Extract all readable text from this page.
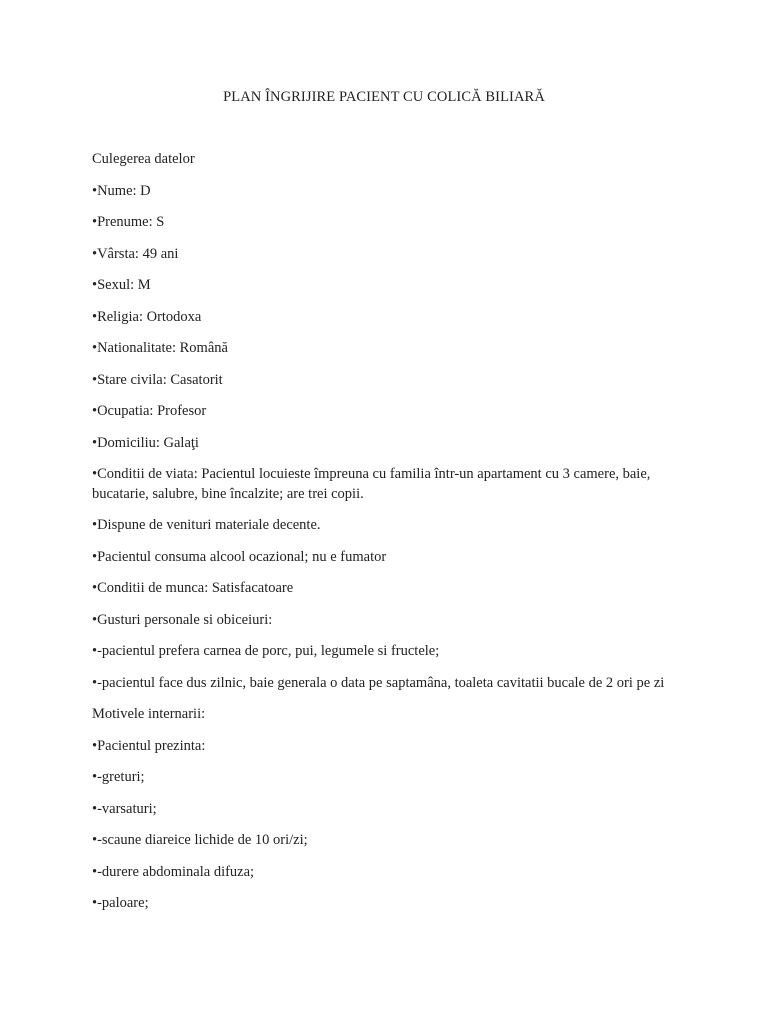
PLAN ÎNGRIJIRE PACIENT CU COLICĂ BILIARĂ

Culegerea datelor

•Nume: D

•Prenume: S

•Vârsta: 49 ani

•Sexul: M

•Religia: Ortodoxa

•Nationalitate: Română

•Stare civila: Casatorit

•Ocupatia: Profesor

•Domiciliu: Galaţi

•Conditii de viata: Pacientul locuieste împreuna cu familia într-un apartament cu 3 camere, baie, bucatarie, salubre, bine încalzite; are trei copii.

•Dispune de venituri materiale decente.

•Pacientul consuma alcool ocazional; nu e fumator

•Conditii de munca: Satisfacatoare

•Gusturi personale si obiceiuri:

•-pacientul prefera carnea de porc, pui, legumele si fructele;

•-pacientul face dus zilnic, baie generala o data pe saptamâna, toaleta cavitatii bucale de 2 ori pe zi

Motivele internarii:

•Pacientul prezinta:

•-greturi;

•-varsaturi;

•-scaune diareice lichide de 10 ori/zi;

•-durere abdominala difuza;

•-paloare;
